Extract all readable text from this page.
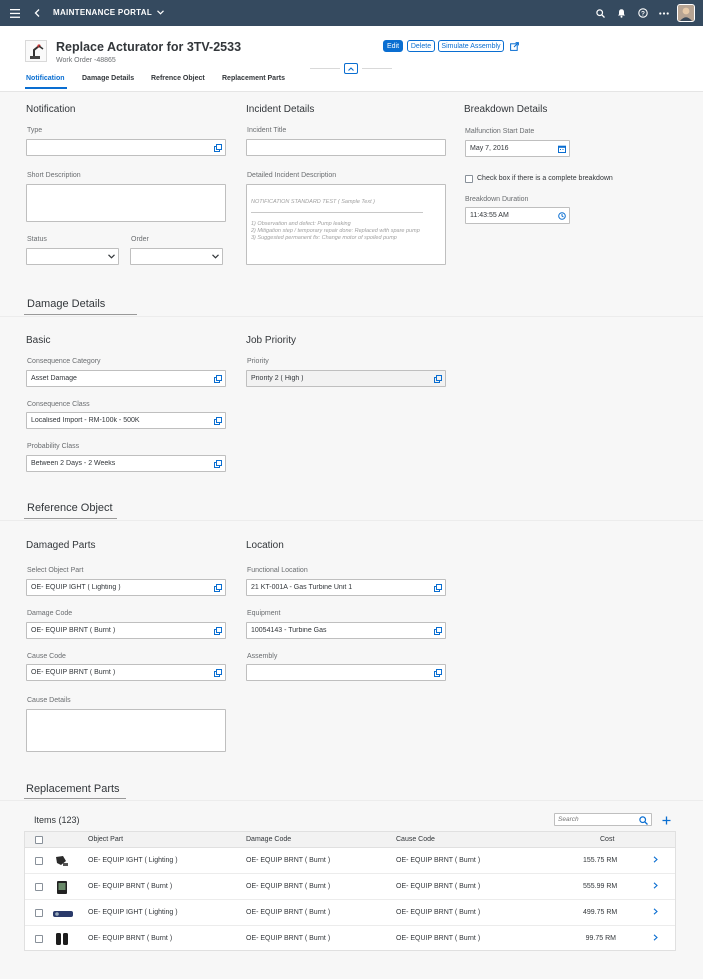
MAINTENANCE PORTAL	?
Replace Acturator for 3TV-2533
Work Order -48865
Edit	Delete	Simulate Assembly
Notification	Damage Details Refrence Object Replacement Parts
Notification
Type
Short Description
Status	Order
Incident Details
Incident Title
Detailed Incident Description
NOTIFICATION STANDARD TEST ( Sample Text )
1) Observation and defect: Pump leaking
2) Mitigation step / temporary repair done: Replaced with spare pump
3) Suggested permanent fix: Change motor of spoiled pump
Breakdown Details
Malfunction Start Date
May 7, 2016
Check box if there is a complete breakdown
Breakdown Duration
11:43:55 AM
Damage Details
Basic
Consequence Category
Asset Damage
Consequence Class
Localised Import - RM-100k - 500K
Probability Class
Between 2 Days - 2 Weeks
Job Priority
Priority
Priority 2 ( High )
Reference Object
Damaged Parts
Select Object Part
OE- EQUIP IGHT ( Lighting )
Damage Code
OE- EQUIP BRNT ( Burnt )
Cause Code
OE- EQUIP BRNT ( Burnt )
Cause Details
Location
Functional Location
21 KT-001A - Gas Turbine Unit 1
Equipment
10054143 - Turbine Gas
Assembly
Replacement Parts
Items (123)
Search
Object Part	Damage Code	Cause Code	Cost
OE- EQUIP IGHT ( Lighting )	OE- EQUIP BRNT ( Burnt )	OE- EQUIP BRNT ( Burnt )	155.75 RM
OE- EQUIP BRNT ( Burnt )	OE- EQUIP BRNT ( Burnt )	OE- EQUIP BRNT ( Burnt )	555.99 RM
OE- EQUIP IGHT ( Lighting )	OE- EQUIP BRNT ( Burnt )	OE- EQUIP BRNT ( Burnt )	499.75 RM
OE- EQUIP BRNT ( Burnt )	OE- EQUIP BRNT ( Burnt )	OE- EQUIP BRNT ( Burnt )	99.75 RM
